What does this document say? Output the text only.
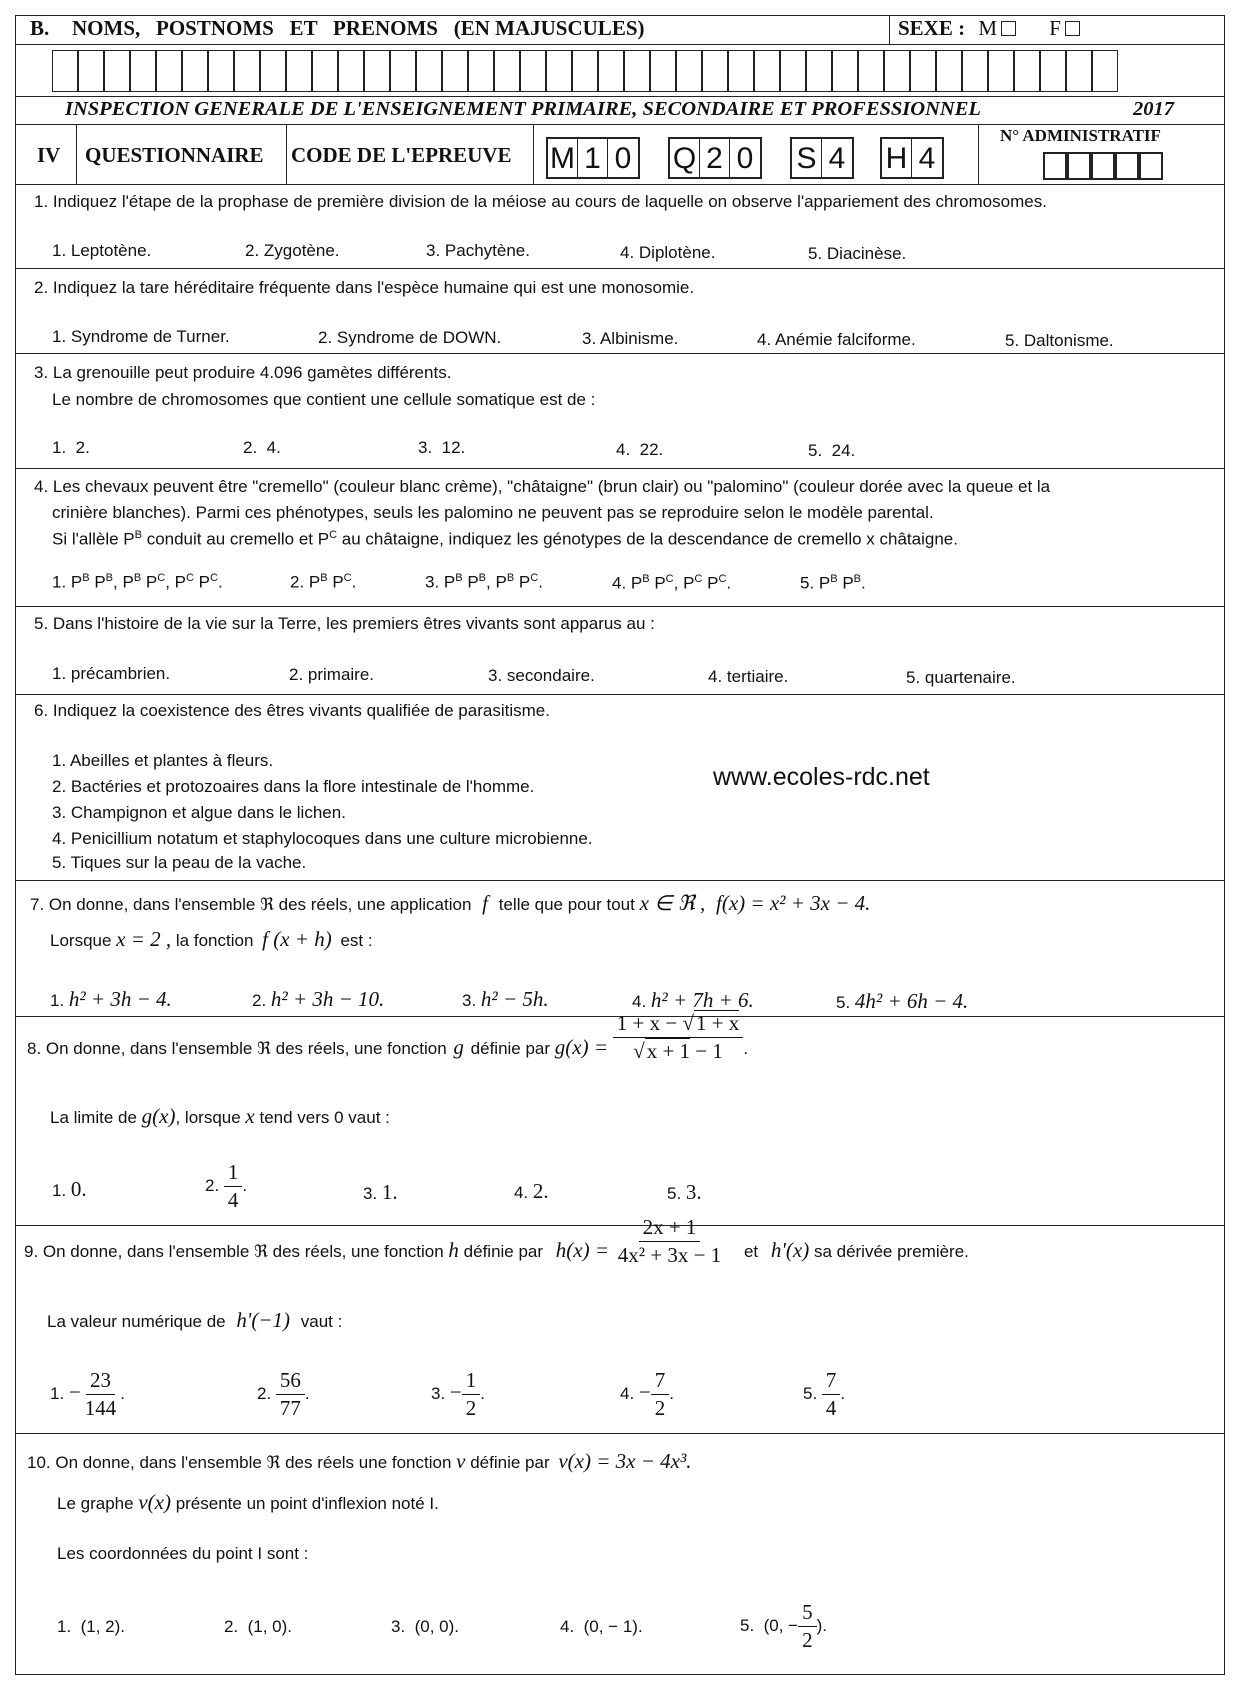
B. NOMS,   POSTNOMS   ET   PRENOMS   (EN MAJUSCULES)	SEXE : M F
INSPECTION GENERALE DE L'ENSEIGNEMENT PRIMAIRE, SECONDAIRE ET PROFESSIONNEL	2017
IV QUESTIONNAIRE CODE DE L'EPREUVE M 1 0 Q 2 0 S 4 H 4
N° ADMINISTRATIF
1. Indiquez l'étape de la prophase de première division de la méiose au cours de laquelle on observe l'appariement des chromosomes.
1. Leptotène.	2. Zygotène.	3. Pachytène.	4. Diplotène.	5. Diacinèse.
2. Indiquez la tare héréditaire fréquente dans l'espèce humaine qui est une monosomie.
1. Syndrome de Turner.	2. Syndrome de DOWN.	3. Albinisme.	4. Anémie falciforme.	5. Daltonisme.
3. La grenouille peut produire 4.096 gamètes différents.
Le nombre de chromosomes que contient une cellule somatique est de :
1.  2.	2.  4.	3.  12.	4.  22.	5.  24.
4. Les chevaux peuvent être "cremello" (couleur blanc crème), "châtaigne" (brun clair) ou "palomino" (couleur dorée avec la queue et la
crinière blanches). Parmi ces phénotypes, seuls les palomino ne peuvent pas se reproduire selon le modèle parental.
Si l'allèle $P^B$ conduit au cremello et $P^C$ au châtaigne, indiquez les génotypes de la descendance de cremello x châtaigne.
1. $P^B$ $P^B$, $P^B$ $P^C$, $P^C$ $P^C$.	2. $P^B$ $P^C$.	3. $P^B$ $P^B$, $P^B$ $P^C$.	4. $P^B$ $P^C$, $P^C$ $P^C$.	5. $P^B$ $P^B$.
5. Dans l'histoire de la vie sur la Terre, les premiers êtres vivants sont apparus au :
1. précambrien.	2. primaire.	3. secondaire.	4. tertiaire.	5. quartenaire.
6. Indiquez la coexistence des êtres vivants qualifiée de parasitisme.
1. Abeilles et plantes à fleurs.
2. Bactéries et protozoaires dans la flore intestinale de l'homme.
3. Champignon et algue dans le lichen.
4. Penicillium notatum et staphylocoques dans une culture microbienne.
5. Tiques sur la peau de la vache.
www.ecoles-rdc.net
7. On donne, dans l'ensemble ℜ des réels, une application f telle que pour tout x ∈ ℜ , f(x) = x² + 3x − 4.
Lorsque x = 2 , la fonction f (x + h) est :
1. h² + 3h − 4.	2. h² + 3h − 10.	3. h² − 5h.	4. h² + 7h + 6.	5. 4h² + 6h − 4.
8. On donne, dans l'ensemble ℜ des réels, une fonction g définie par $g(x) = \frac{1 + x - √1 + x}{√x + 1 - 1}$ .
La limite de g(x), lorsque x tend vers 0 vaut :
1. 0.	2. $\frac{1}{4}$ .	3. 1.	4. 2.	5. 3.
9. On donne, dans l'ensemble ℜ des réels, une fonction h définie par $h(x) = \frac{2x + 1}{\text{4x² + 3x − 1}}$ et h'(x) sa dérivée première.
La valeur numérique de h'(−1) vaut :
1. − $\frac{23}{144}$ .	2. $\frac{56}{77}$ .	3. − $\frac{1}{2}$ .	4. − $\frac{7}{2}$ .	5. $\frac{7}{4}$ .
10. On donne, dans l'ensemble ℜ des réels une fonction v définie par v(x) = 3x − 4x³.
Le graphe v(x) présente un point d'inflexion noté I.
Les coordonnées du point I sont :
1.  (1, 2).	2.  (1, 0).	3.  (0, 0).	4.  (0, − 1).	5.  (0, − $\frac{5}{2}$ ).
